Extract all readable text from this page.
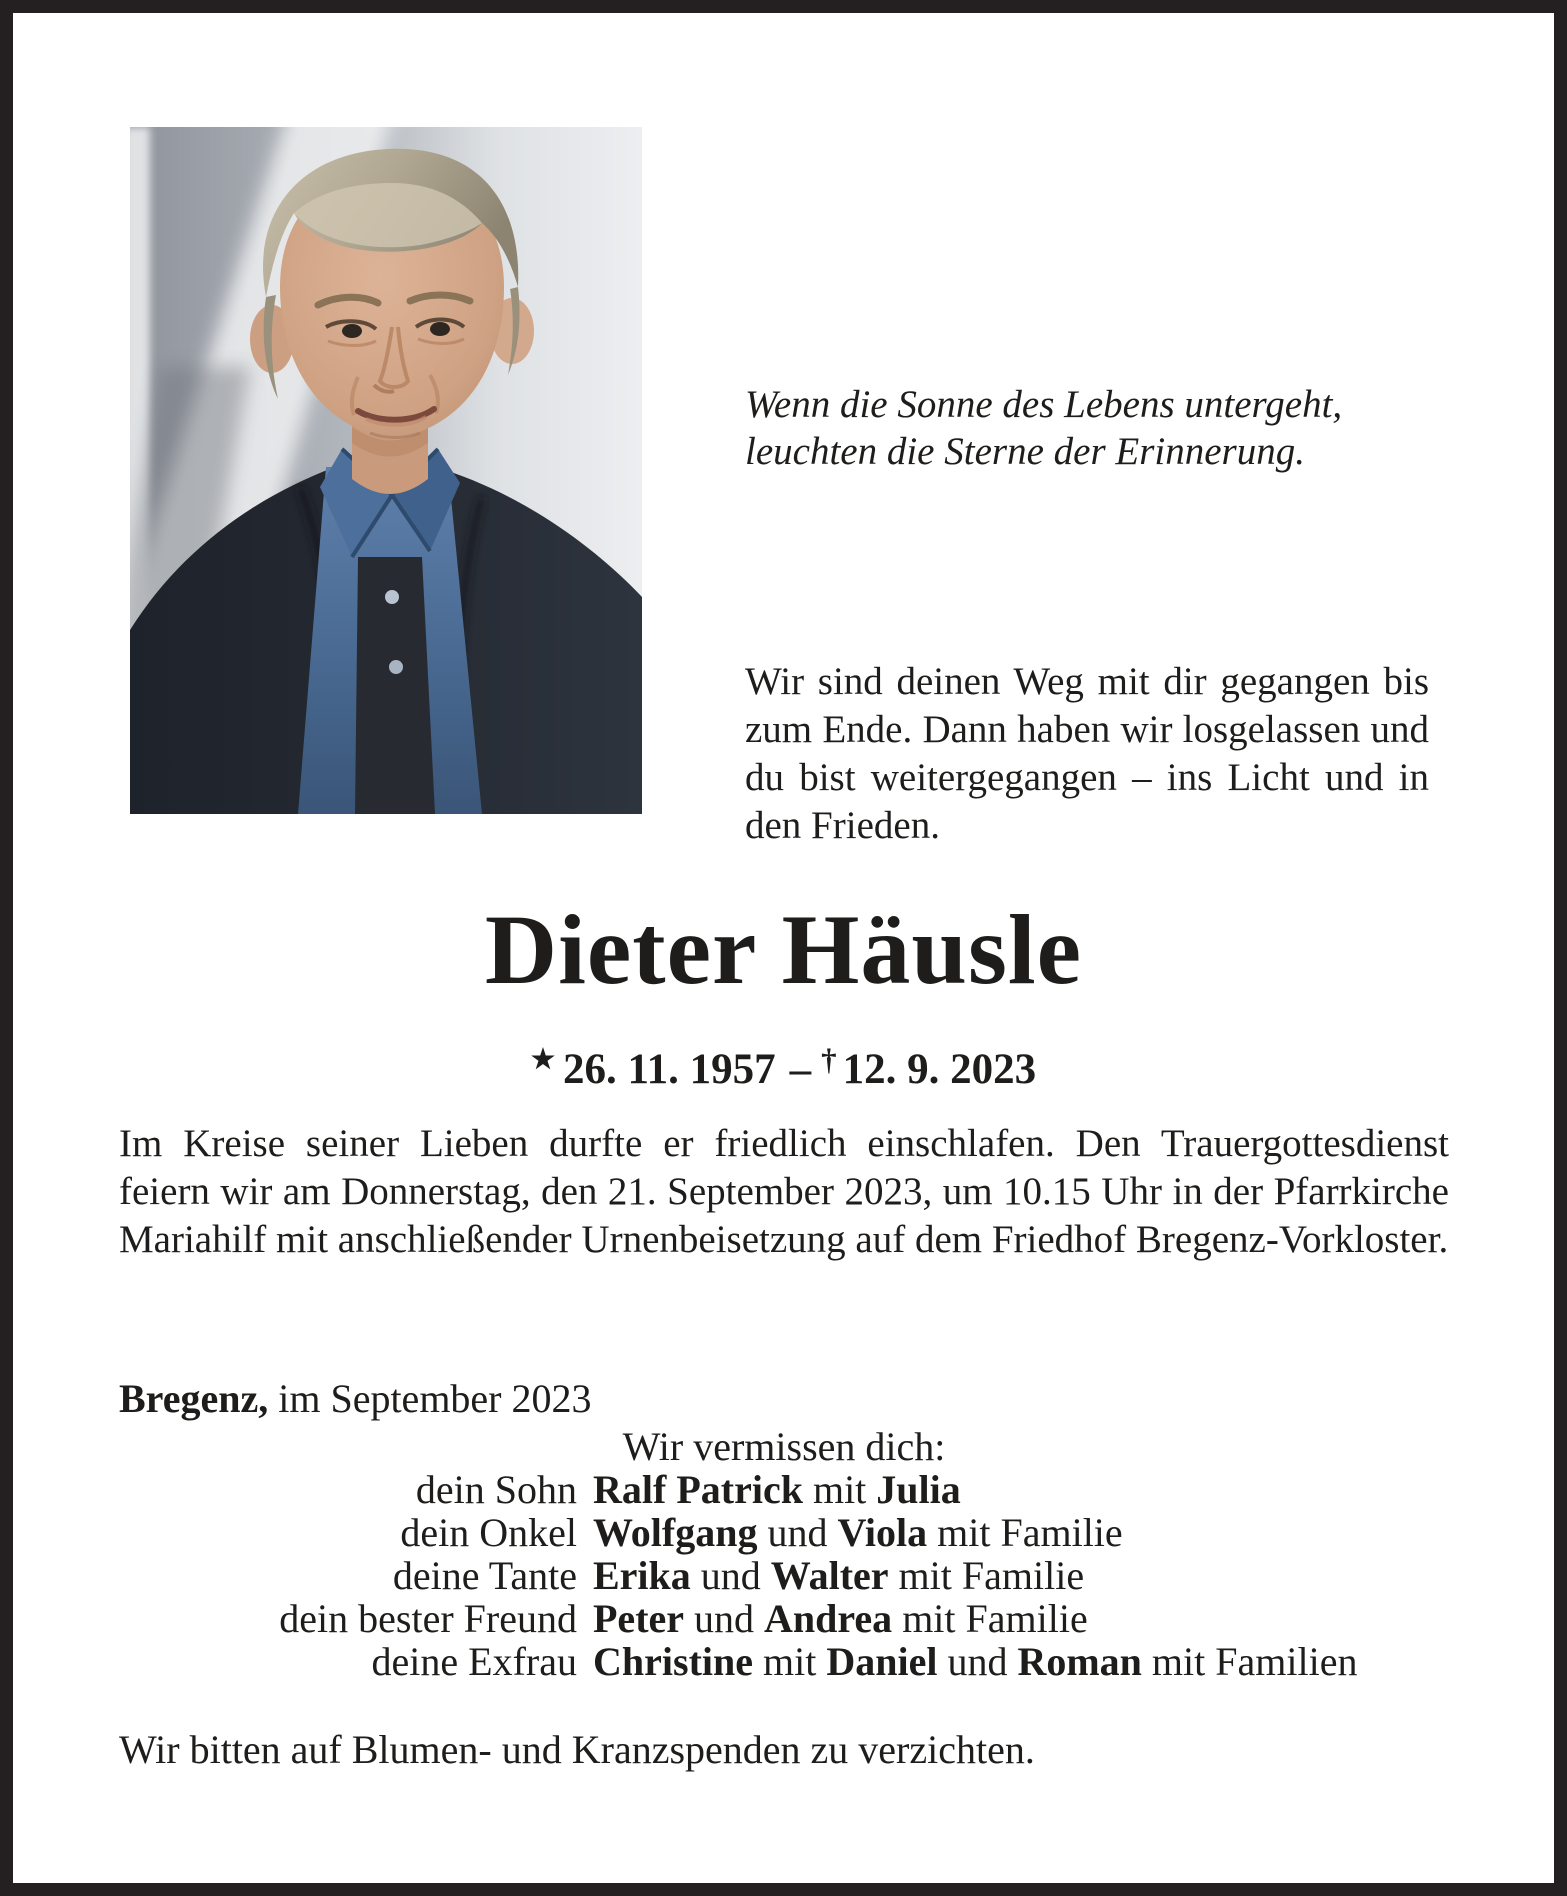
Wenn die Sonne des Lebens untergeht,
leuchten die Sterne der Erinnerung.
Wir sind deinen Weg mit dir gegangen bis zum Ende. Dann haben wir losgelassen und du bist weitergegangen – ins Licht und in den Frieden.
Dieter Häusle
★ 26. 11. 1957 – † 12. 9. 2023
Im Kreise seiner Lieben durfte er friedlich einschlafen. Den Trauergottesdienst feiern wir am Donnerstag, den 21. September 2023, um 10.15 Uhr in der Pfarrkirche Mariahilf mit anschließender Urnenbeisetzung auf dem Friedhof Bregenz-Vorkloster.
Bregenz, im September 2023
Wir vermissen dich:
dein Sohn Ralf Patrick mit Julia
dein Onkel Wolfgang und Viola mit Familie
deine Tante Erika und Walter mit Familie
dein bester Freund Peter und Andrea mit Familie
deine Exfrau Christine mit Daniel und Roman mit Familien
Wir bitten auf Blumen- und Kranzspenden zu verzichten.
